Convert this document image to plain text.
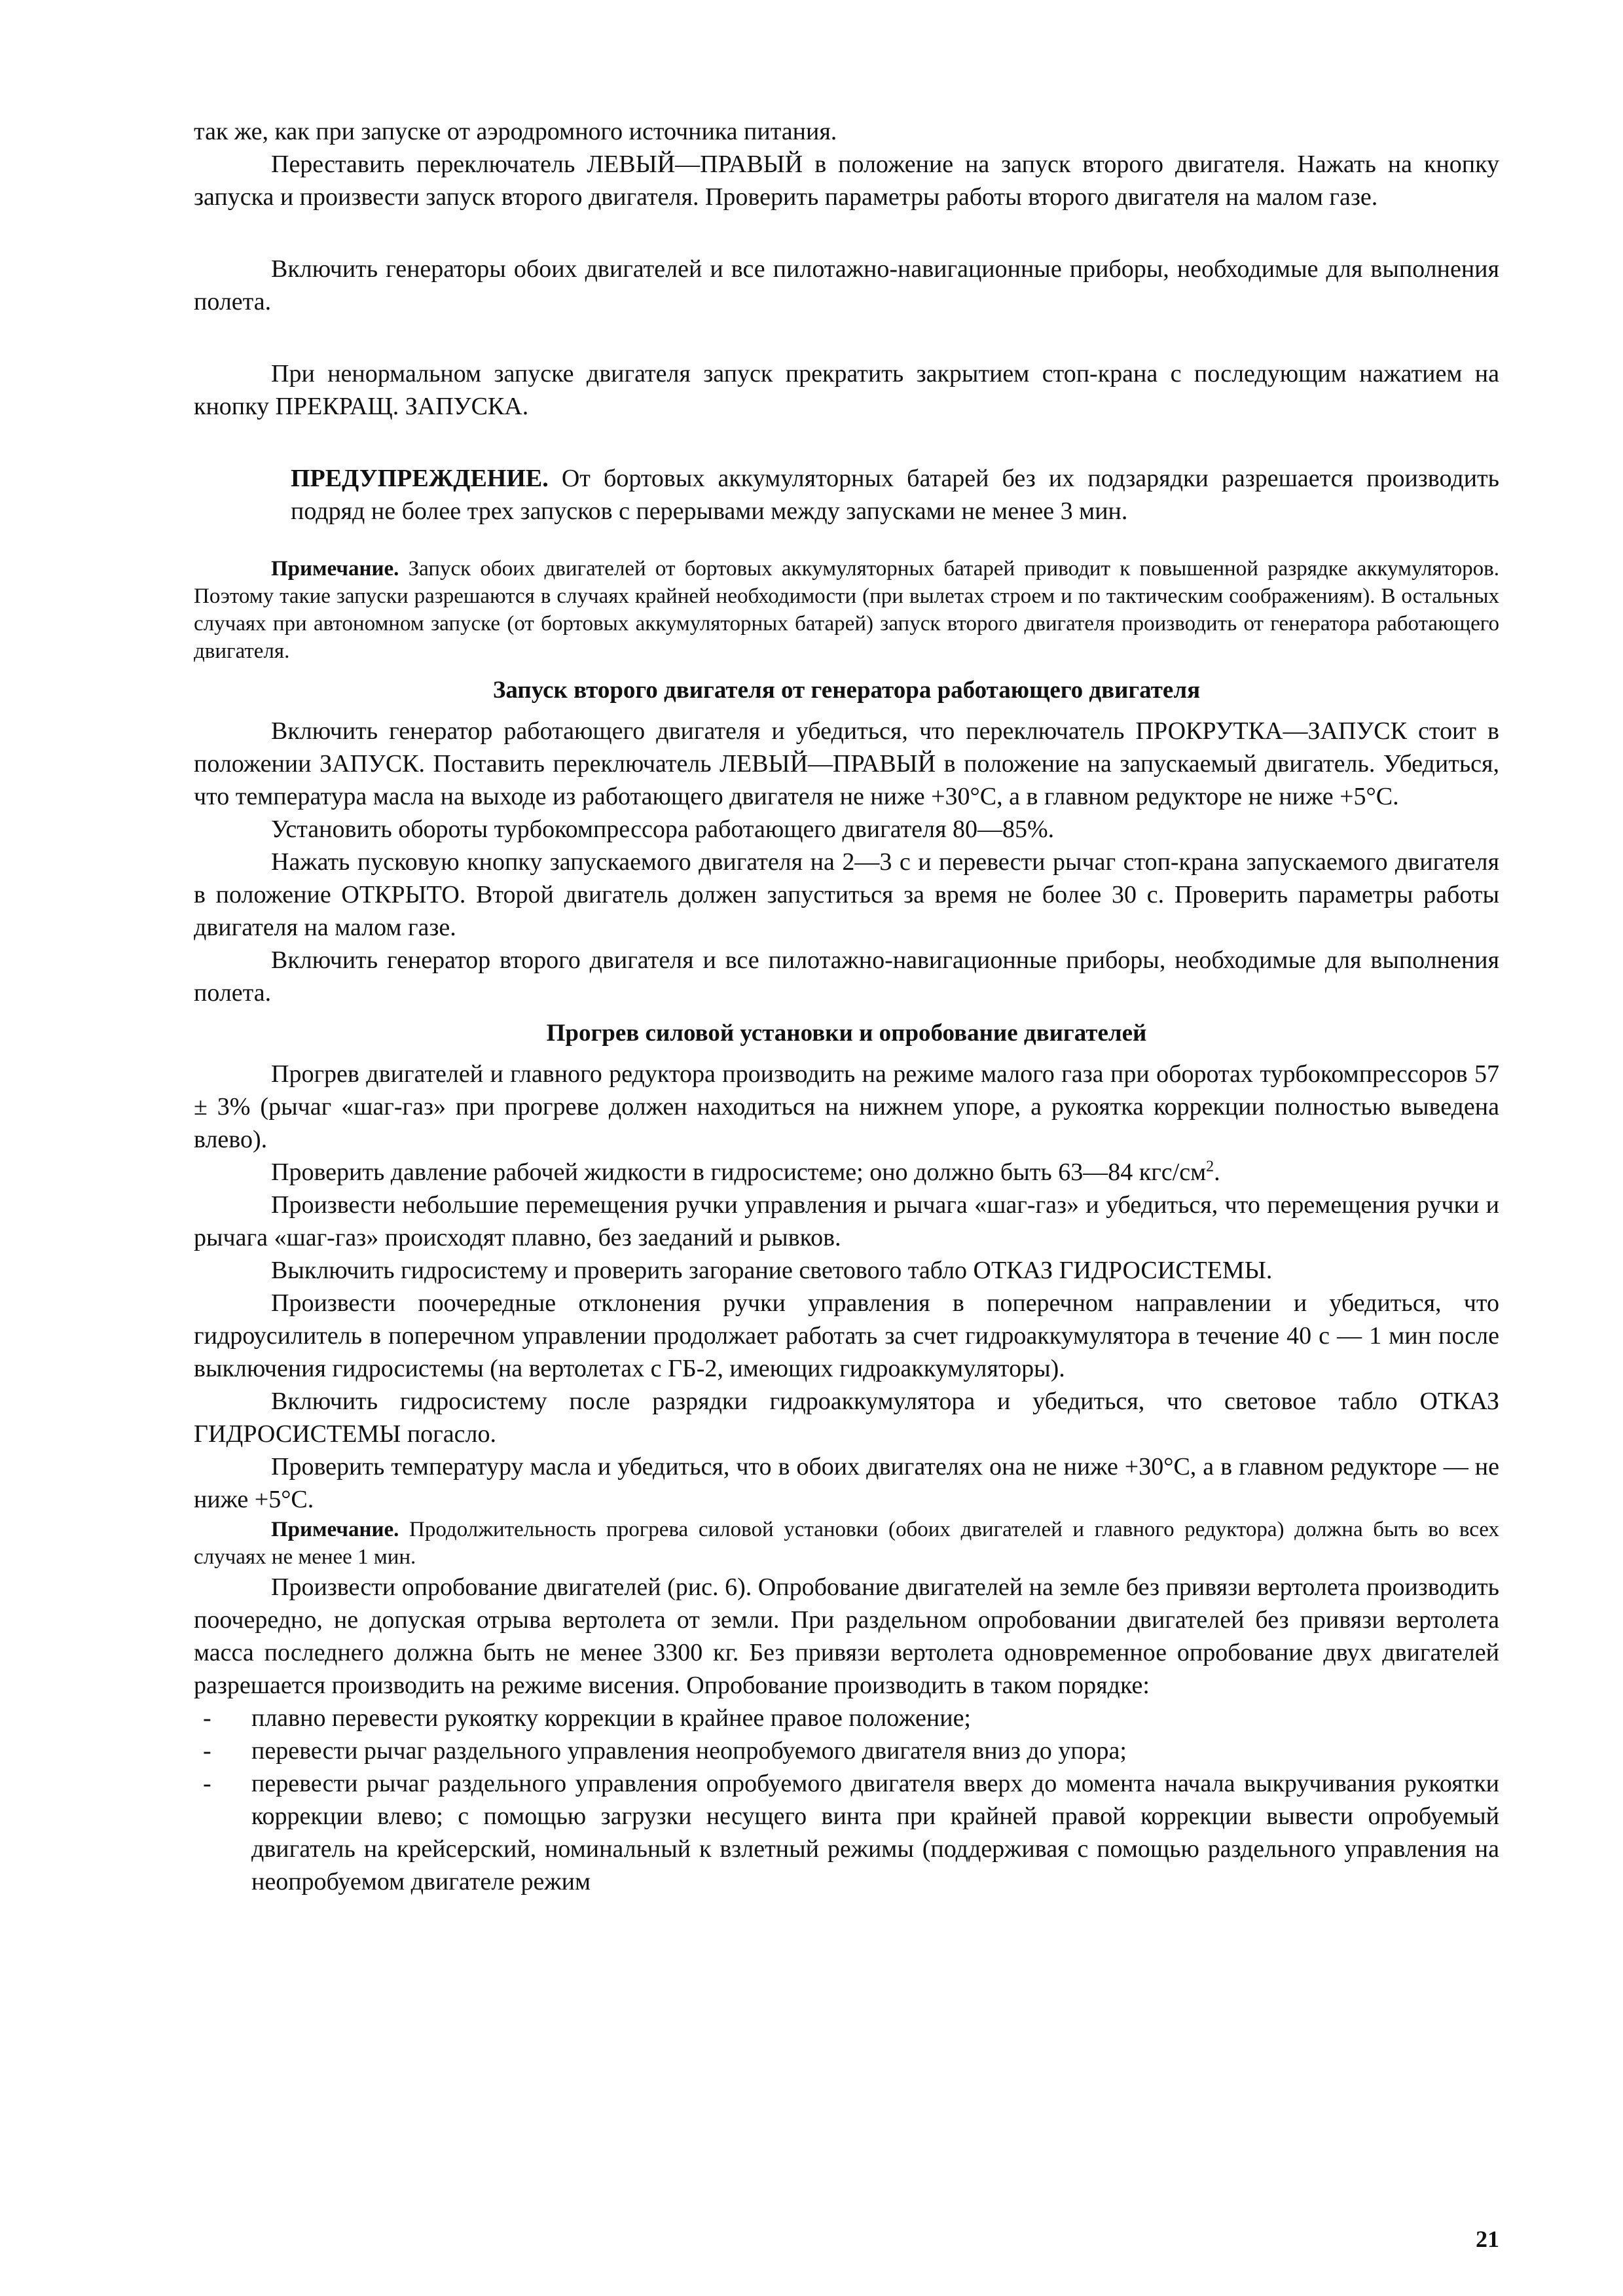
так же, как при запуске от аэродромного источника питания.

Переставить переключатель ЛЕВЫЙ—ПРАВЫЙ в положение на запуск второго двигателя. Нажать на кнопку запуска и произвести запуск второго двигателя. Проверить параметры работы второго двигателя на малом газе.

Включить генераторы обоих двигателей и все пилотажно-навигационные приборы, необходимые для выполнения полета.

При ненормальном запуске двигателя запуск прекратить закрытием стоп-крана с последующим нажатием на кнопку ПРЕКРАЩ. ЗАПУСКА.

ПРЕДУПРЕЖДЕНИЕ. От бортовых аккумуляторных батарей без их подзарядки разрешается производить подряд не более трех запусков с перерывами между запусками не менее 3 мин.

Примечание. Запуск обоих двигателей от бортовых аккумуляторных батарей приводит к повышенной разрядке аккумуляторов. Поэтому такие запуски разрешаются в случаях крайней необходимости (при вылетах строем и по тактическим соображениям). В остальных случаях при автономном запуске (от бортовых аккумуляторных батарей) запуск второго двигателя производить от генератора работающего двигателя.

Запуск второго двигателя от генератора работающего двигателя

Включить генератор работающего двигателя и убедиться, что переключатель ПРОКРУТКА—ЗАПУСК стоит в положении ЗАПУСК. Поставить переключатель ЛЕВЫЙ—ПРАВЫЙ в положение на запускаемый двигатель. Убедиться, что температура масла на выходе из работающего двигателя не ниже +30°С, а в главном редукторе не ниже +5°С.

Установить обороты турбокомпрессора работающего двигателя 80—85%.

Нажать пусковую кнопку запускаемого двигателя на 2—3 с и перевести рычаг стоп-крана запускаемого двигателя в положение ОТКРЫТО. Второй двигатель должен запуститься за время не более 30 с. Проверить параметры работы двигателя на малом газе.

Включить генератор второго двигателя и все пилотажно-навигационные приборы, необходимые для выполнения полета.

Прогрев силовой установки и опробование двигателей

Прогрев двигателей и главного редуктора производить на режиме малого газа при оборотах турбокомпрессоров 57 ± 3% (рычаг «шаг-газ» при прогреве должен находиться на нижнем упоре, а рукоятка коррекции полностью выведена влево).

Проверить давление рабочей жидкости в гидросистеме; оно должно быть 63—84 кгс/$см^2$.

Произвести небольшие перемещения ручки управления и рычага «шаг-газ» и убедиться, что перемещения ручки и рычага «шаг-газ» происходят плавно, без заеданий и рывков.

Выключить гидросистему и проверить загорание светового табло ОТКАЗ ГИДРОСИСТЕМЫ.

Произвести поочередные отклонения ручки управления в поперечном направлении и убедиться, что гидроусилитель в поперечном управлении продолжает работать за счет гидроаккумулятора в течение 40 с — 1 мин после выключения гидросистемы (на вертолетах с ГБ-2, имеющих гидроаккумуляторы).

Включить гидросистему после разрядки гидроаккумулятора и убедиться, что световое табло ОТКАЗ ГИДРОСИСТЕМЫ погасло.

Проверить температуру масла и убедиться, что в обоих двигателях она не ниже +30°С, а в главном редукторе — не ниже +5°С.

Примечание. Продолжительность прогрева силовой установки (обоих двигателей и главного редуктора) должна быть во всех случаях не менее 1 мин.

Произвести опробование двигателей (рис. 6). Опробование двигателей на земле без привязи вертолета производить поочередно, не допуская отрыва вертолета от земли. При раздельном опробовании двигателей без привязи вертолета масса последнего должна быть не менее 3300 кг. Без привязи вертолета одновременное опробование двух двигателей разрешается производить на режиме висения. Опробование производить в таком порядке:

- плавно перевести рукоятку коррекции в крайнее правое положение;
- перевести рычаг раздельного управления неопробуемого двигателя вниз до упора;
- перевести рычаг раздельного управления опробуемого двигателя вверх до момента начала выкручивания рукоятки коррекции влево; с помощью загрузки несущего винта при крайней правой коррекции вывести опробуемый двигатель на крейсерский, номинальный к взлетный режимы (поддерживая с помощью раздельного управления на неопробуемом двигателе режим
21
